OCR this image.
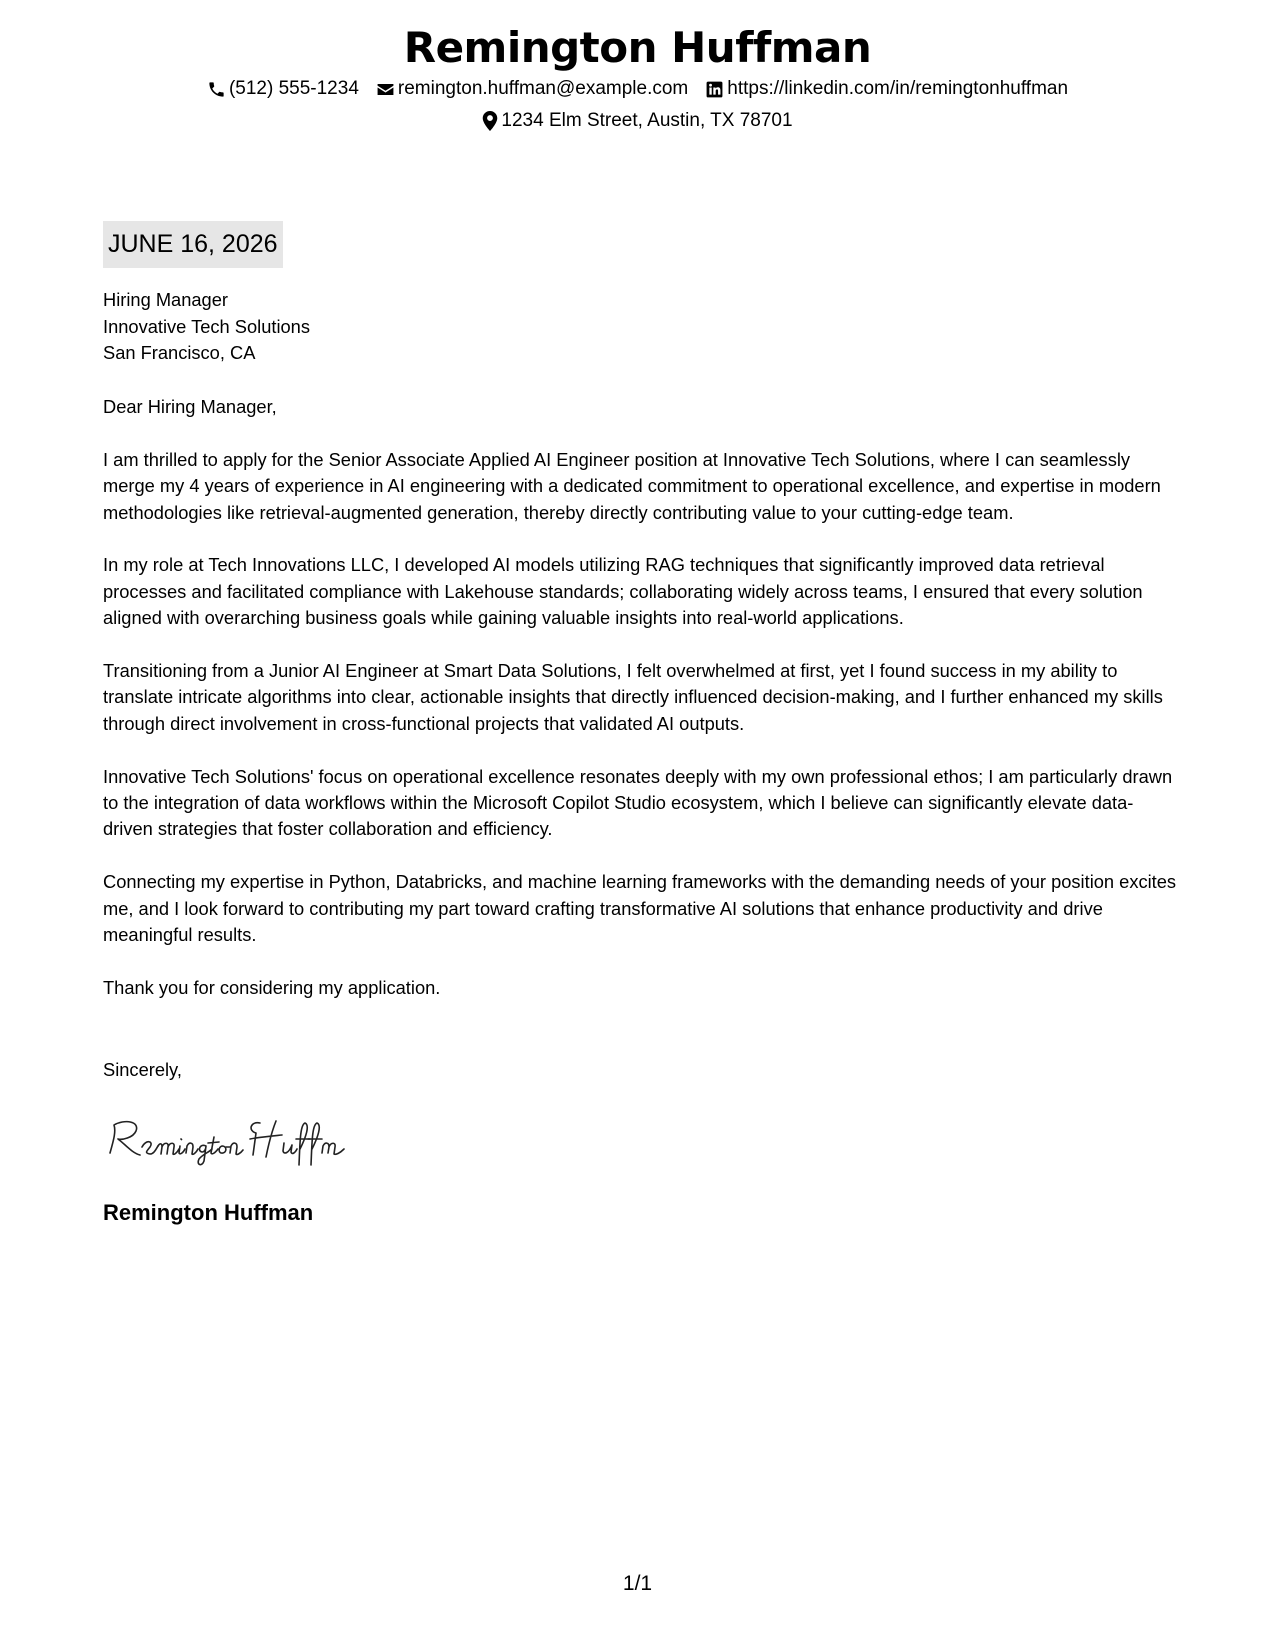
Remington Huffman
(512) 555-1234 remington.huffman@example.com https://linkedin.com/in/remingtonhuffman
1234 Elm Street, Austin, TX 78701
JUNE 16, 2026
Hiring Manager
Innovative Tech Solutions
San Francisco, CA

Dear Hiring Manager,

I am thrilled to apply for the Senior Associate Applied AI Engineer position at Innovative Tech Solutions, where I can seamlessly merge my 4 years of experience in AI engineering with a dedicated commitment to operational excellence, and expertise in modern methodologies like retrieval-augmented generation, thereby directly contributing value to your cutting-edge team.

In my role at Tech Innovations LLC, I developed AI models utilizing RAG techniques that significantly improved data retrieval processes and facilitated compliance with Lakehouse standards; collaborating widely across teams, I ensured that every solution aligned with overarching business goals while gaining valuable insights into real-world applications.

Transitioning from a Junior AI Engineer at Smart Data Solutions, I felt overwhelmed at first, yet I found success in my ability to translate intricate algorithms into clear, actionable insights that directly influenced decision-making, and I further enhanced my skills through direct involvement in cross-functional projects that validated AI outputs.

Innovative Tech Solutions' focus on operational excellence resonates deeply with my own professional ethos; I am particularly drawn to the integration of data workflows within the Microsoft Copilot Studio ecosystem, which I believe can significantly elevate data-driven strategies that foster collaboration and efficiency.

Connecting my expertise in Python, Databricks, and machine learning frameworks with the demanding needs of your position excites me, and I look forward to contributing my part toward crafting transformative AI solutions that enhance productivity and drive meaningful results.

Thank you for considering my application.

Sincerely,
Remington Huffman
1/1
